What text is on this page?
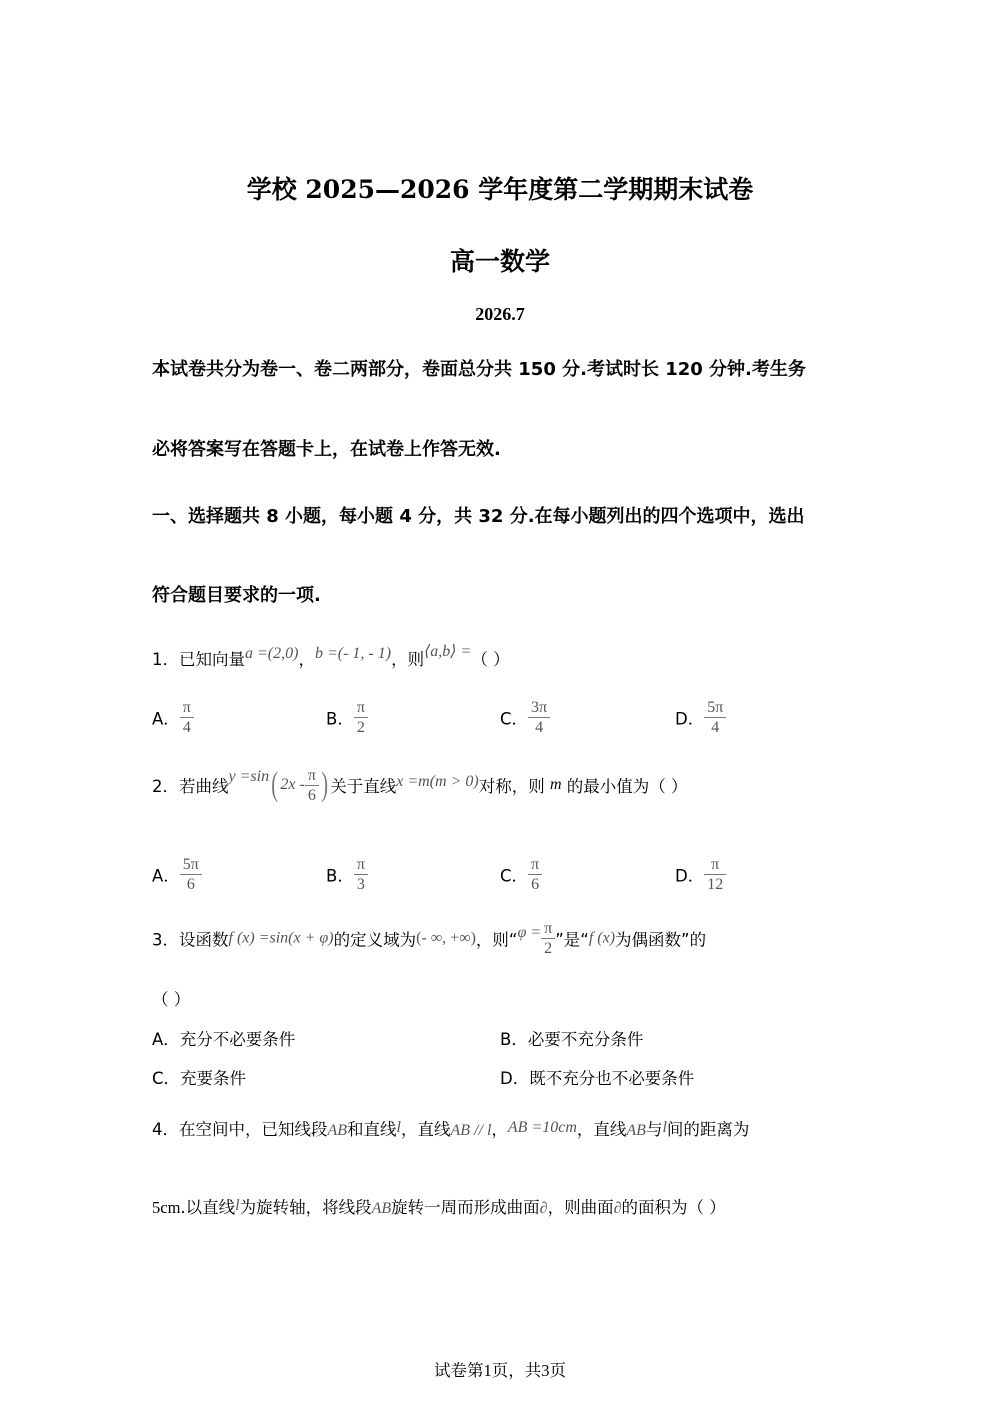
学校 2025—2026 学年度第二学期期末试卷
高一数学
2026.7
本试卷共分为卷一、卷二两部分，卷面总分共 150 分.考试时长 120 分钟.考生务
必将答案写在答题卡上，在试卷上作答无效.
一、选择题共 8 小题，每小题 4 分，共 32 分.在每小题列出的四个选项中，选出
符合题目要求的一项.
1．已知向量a =(2,0)，b =(- 1, - 1)，则⟨a,b⟩ =（ ）
A． $\frac{\pi}{4}$	B． $\frac{\pi}{2}$	C． $\frac{3\pi}{4}$	D． $\frac{5\pi}{4}$
2．若曲线y =sin( $2x - \frac{\pi}{6}$ ) 关于直线x =m(m > 0)对称，则 m 的最小值为（ ）
A． $\frac{5\pi}{6}$	B． $\frac{\pi}{3}$	C． $\frac{\pi}{6}$	D． $\frac{\pi}{12}$
3．设函数f (x) =sin(x + φ)的定义域为(- ∞, +∞)，则“$\varphi = \frac{\pi}{2}$ ”是“f (x)为偶函数”的
（ ）
A．充分不必要条件	B．必要不充分条件
C．充要条件	D．既不充分也不必要条件
4．在空间中，已知线段AB和直线l，直线AB // l，AB =10cm，直线AB与l间的距离为
5cm.以直线l为旋转轴，将线段AB旋转一周而形成曲面∂，则曲面∂的面积为（ ）
试卷第1页，共3页
